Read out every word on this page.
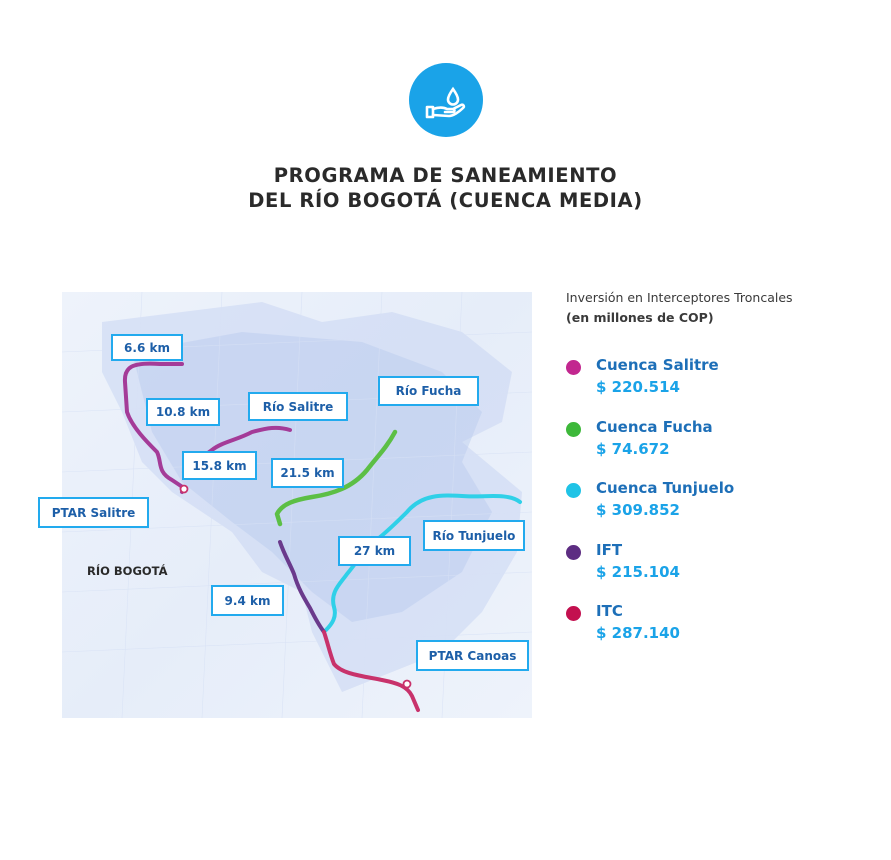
PROGRAMA DE SANEAMIENTO
DEL RÍO BOGOTÁ (CUENCA MEDIA)
6.6 km
10.8 km	Río Salitre
Río Fucha
15.8 km
21.5 km
PTAR Salitre
27 km
Río Tunjuelo
RÍO BOGOTÁ
9.4 km
PTAR Canoas
Inversión en Interceptores Troncales
(en millones de COP)
Cuenca Salitre
$ 220.514
Cuenca Fucha
$ 74.672
Cuenca Tunjuelo
$ 309.852
IFT
$ 215.104
ITC
$ 287.140
